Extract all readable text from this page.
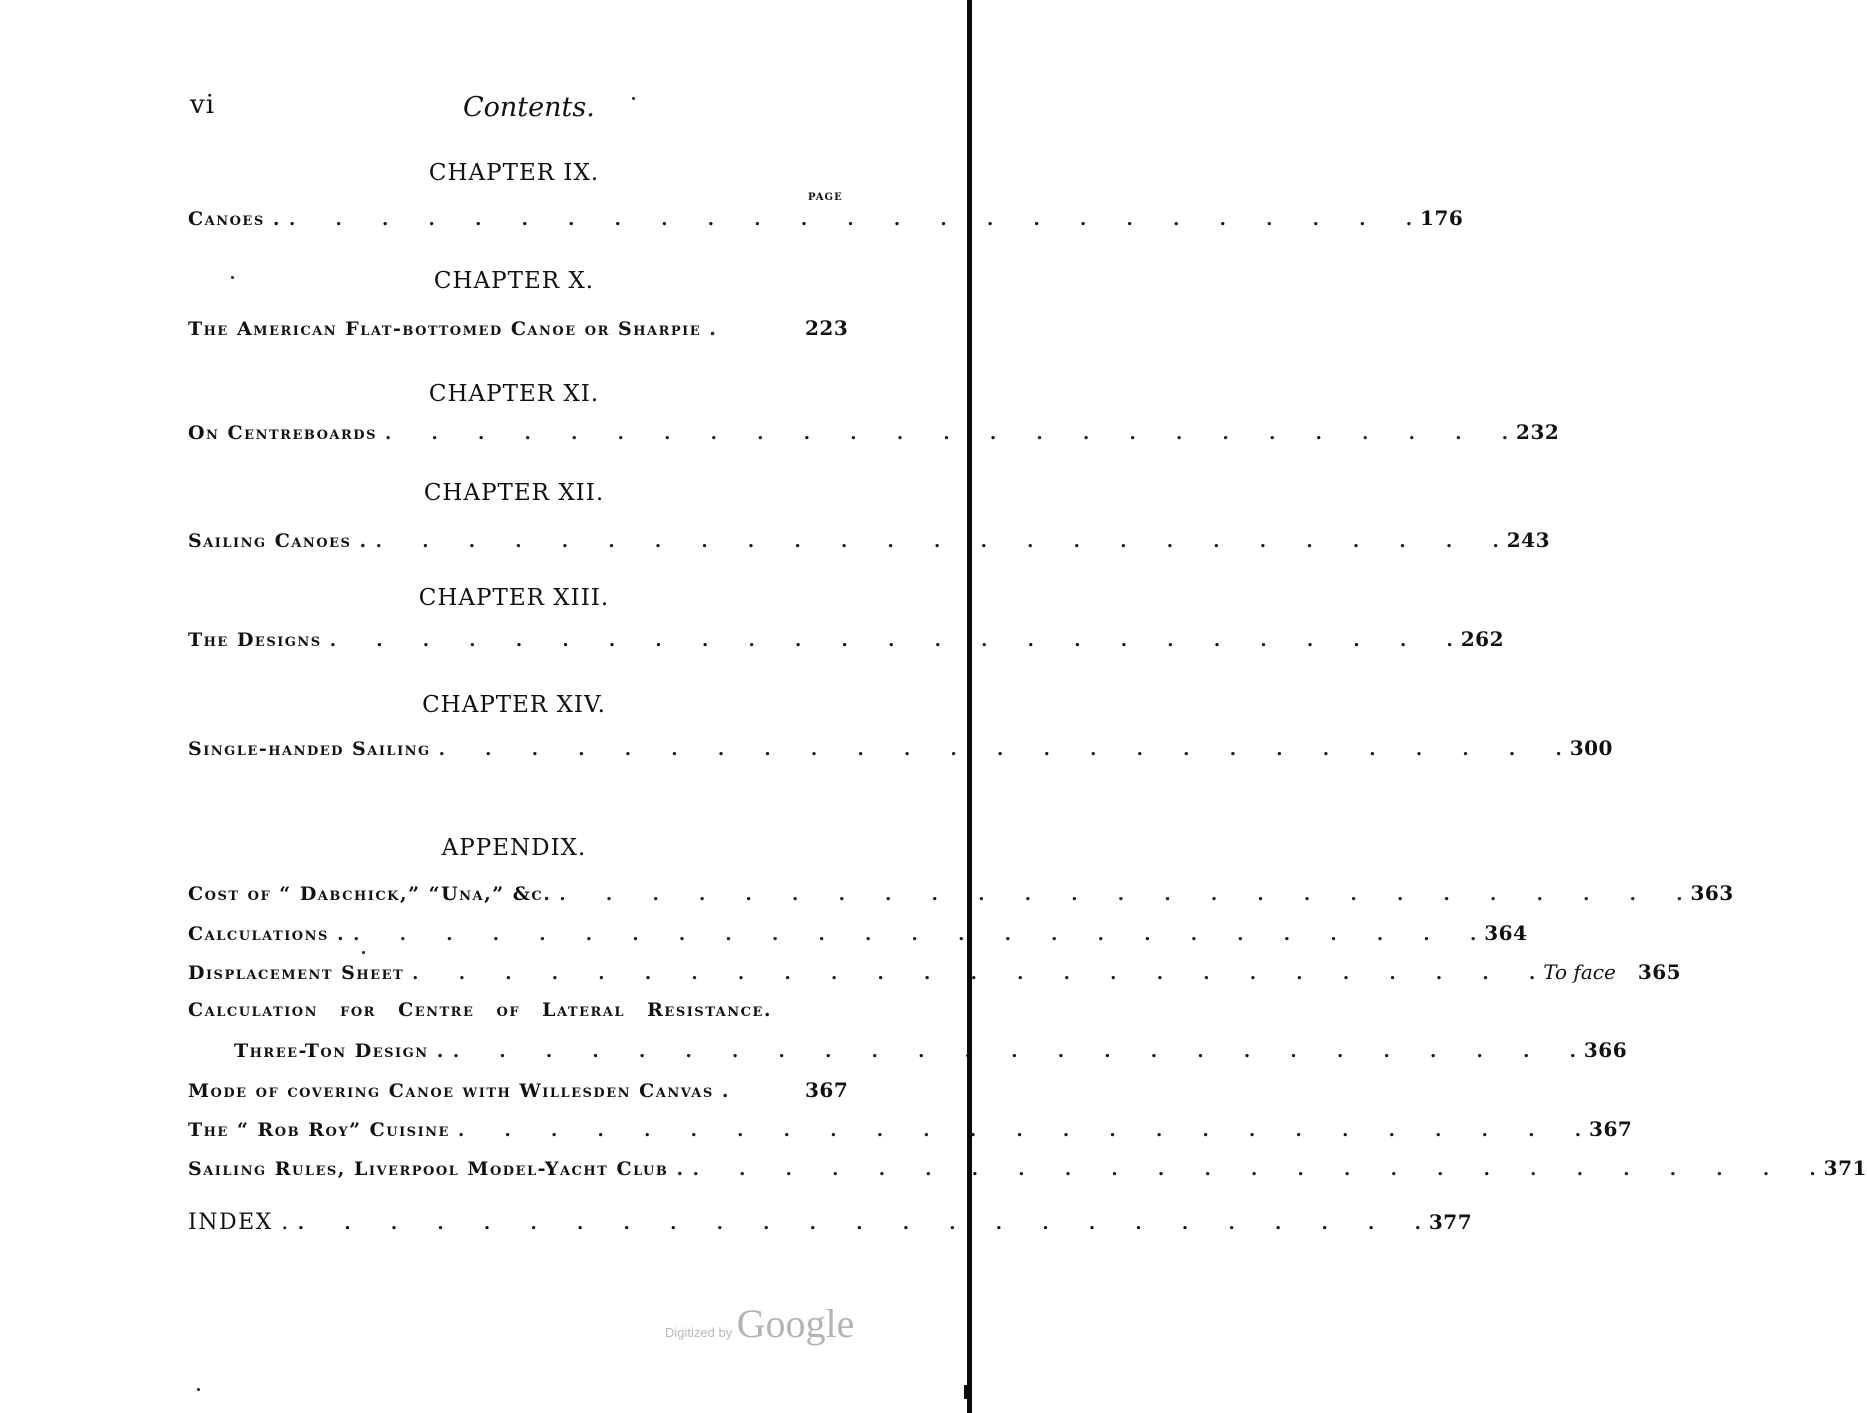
vi	Contents.
CHAPTER IX.
PAGE
Canoes . . . . . . . . . . . . . . . . . . . . . . . . . . 176
CHAPTER X.
The American Flat-bottomed Canoe or Sharpie .	223
CHAPTER XI.
On Centreboards . . . . . . . . . . . . . . . . . . . . . . . . . 232
CHAPTER XII.
Sailing Canoes . . . . . . . . . . . . . . . . . . . . . . . . . . 243
CHAPTER XIII.
The Designs . . . . . . . . . . . . . . . . . . . . . . . . . 262
CHAPTER XIV.
Single-handed Sailing . . . . . . . . . . . . . . . . . . . . . . . . . 300
APPENDIX.
Cost of “ Dabchick,” “Una,” &c. . . . . . . . . . . . . . . . . . . . . . . . . . 363
Calculations . . . . . . . . . . . . . . . . . . . . . . . . . . 364
Displacement Sheet . . . . . . . . . . . . . . . . . . . . . . . . . To face 365
Calculation for Centre of Lateral Resistance.
Three-Ton Design . . . . . . . . . . . . . . . . . . . . . . . . . . 366
Mode of covering Canoe with Willesden Canvas .	367
The “ Rob Roy” Cuisine . . . . . . . . . . . . . . . . . . . . . . . . . 367
Sailing Rules, Liverpool Model-Yacht Club . . . . . . . . . . . . . . . . . . . . . . . . . . 371
INDEX . . . . . . . . . . . . . . . . . . . . . . . . . . 377
Digitized by Google
